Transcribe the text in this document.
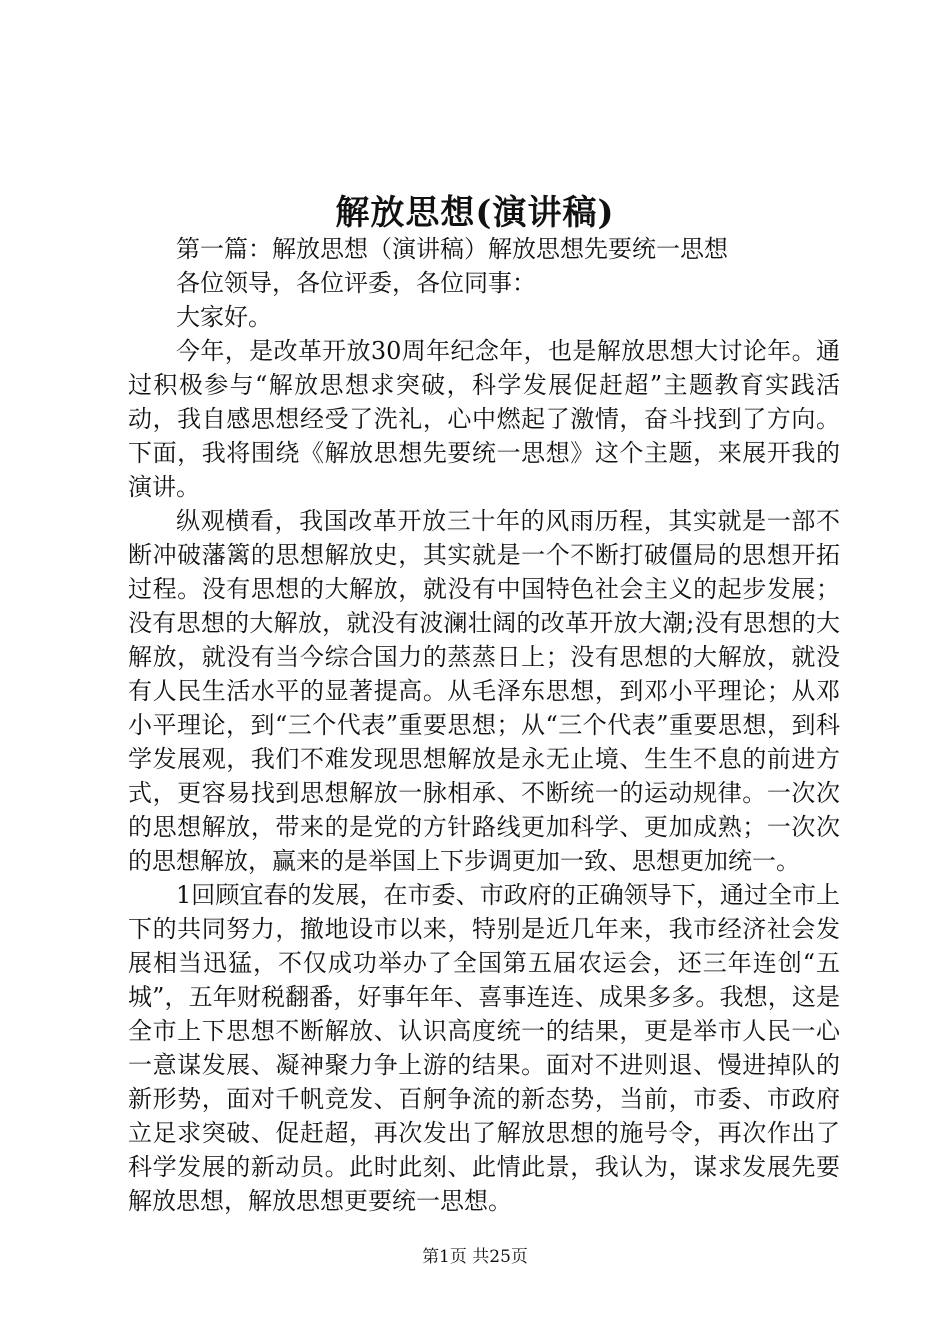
解放思想(演讲稿)

第一篇：解放思想（演讲稿）解放思想先要统一思想

各位领导，各位评委，各位同事：

大家好。

今年，是改革开放30周年纪念年，也是解放思想大讨论年。通过积极参与“解放思想求突破，科学发展促赶超”主题教育实践活动，我自感思想经受了洗礼，心中燃起了激情，奋斗找到了方向。下面，我将围绕《解放思想先要统一思想》这个主题，来展开我的演讲。

纵观横看，我国改革开放三十年的风雨历程，其实就是一部不断冲破藩篱的思想解放史，其实就是一个不断打破僵局的思想开拓过程。没有思想的大解放，就没有中国特色社会主义的起步发展；没有思想的大解放，就没有波澜壮阔的改革开放大潮;没有思想的大解放，就没有当今综合国力的蒸蒸日上；没有思想的大解放，就没有人民生活水平的显著提高。从毛泽东思想，到邓小平理论；从邓小平理论，到“三个代表”重要思想；从“三个代表”重要思想，到科学发展观，我们不难发现思想解放是永无止境、生生不息的前进方式，更容易找到思想解放一脉相承、不断统一的运动规律。一次次的思想解放，带来的是党的方针路线更加科学、更加成熟；一次次的思想解放，赢来的是举国上下步调更加一致、思想更加统一。

1回顾宜春的发展，在市委、市政府的正确领导下，通过全市上下的共同努力，撤地设市以来，特别是近几年来，我市经济社会发展相当迅猛，不仅成功举办了全国第五届农运会，还三年连创“五城”，五年财税翻番，好事年年、喜事连连、成果多多。我想，这是全市上下思想不断解放、认识高度统一的结果，更是举市人民一心一意谋发展、凝神聚力争上游的结果。面对不进则退、慢进掉队的新形势，面对千帆竞发、百舸争流的新态势，当前，市委、市政府立足求突破、促赶超，再次发出了解放思想的施号令，再次作出了科学发展的新动员。此时此刻、此情此景，我认为，谋求发展先要解放思想，解放思想更要统一思想。

第1页 共25页
